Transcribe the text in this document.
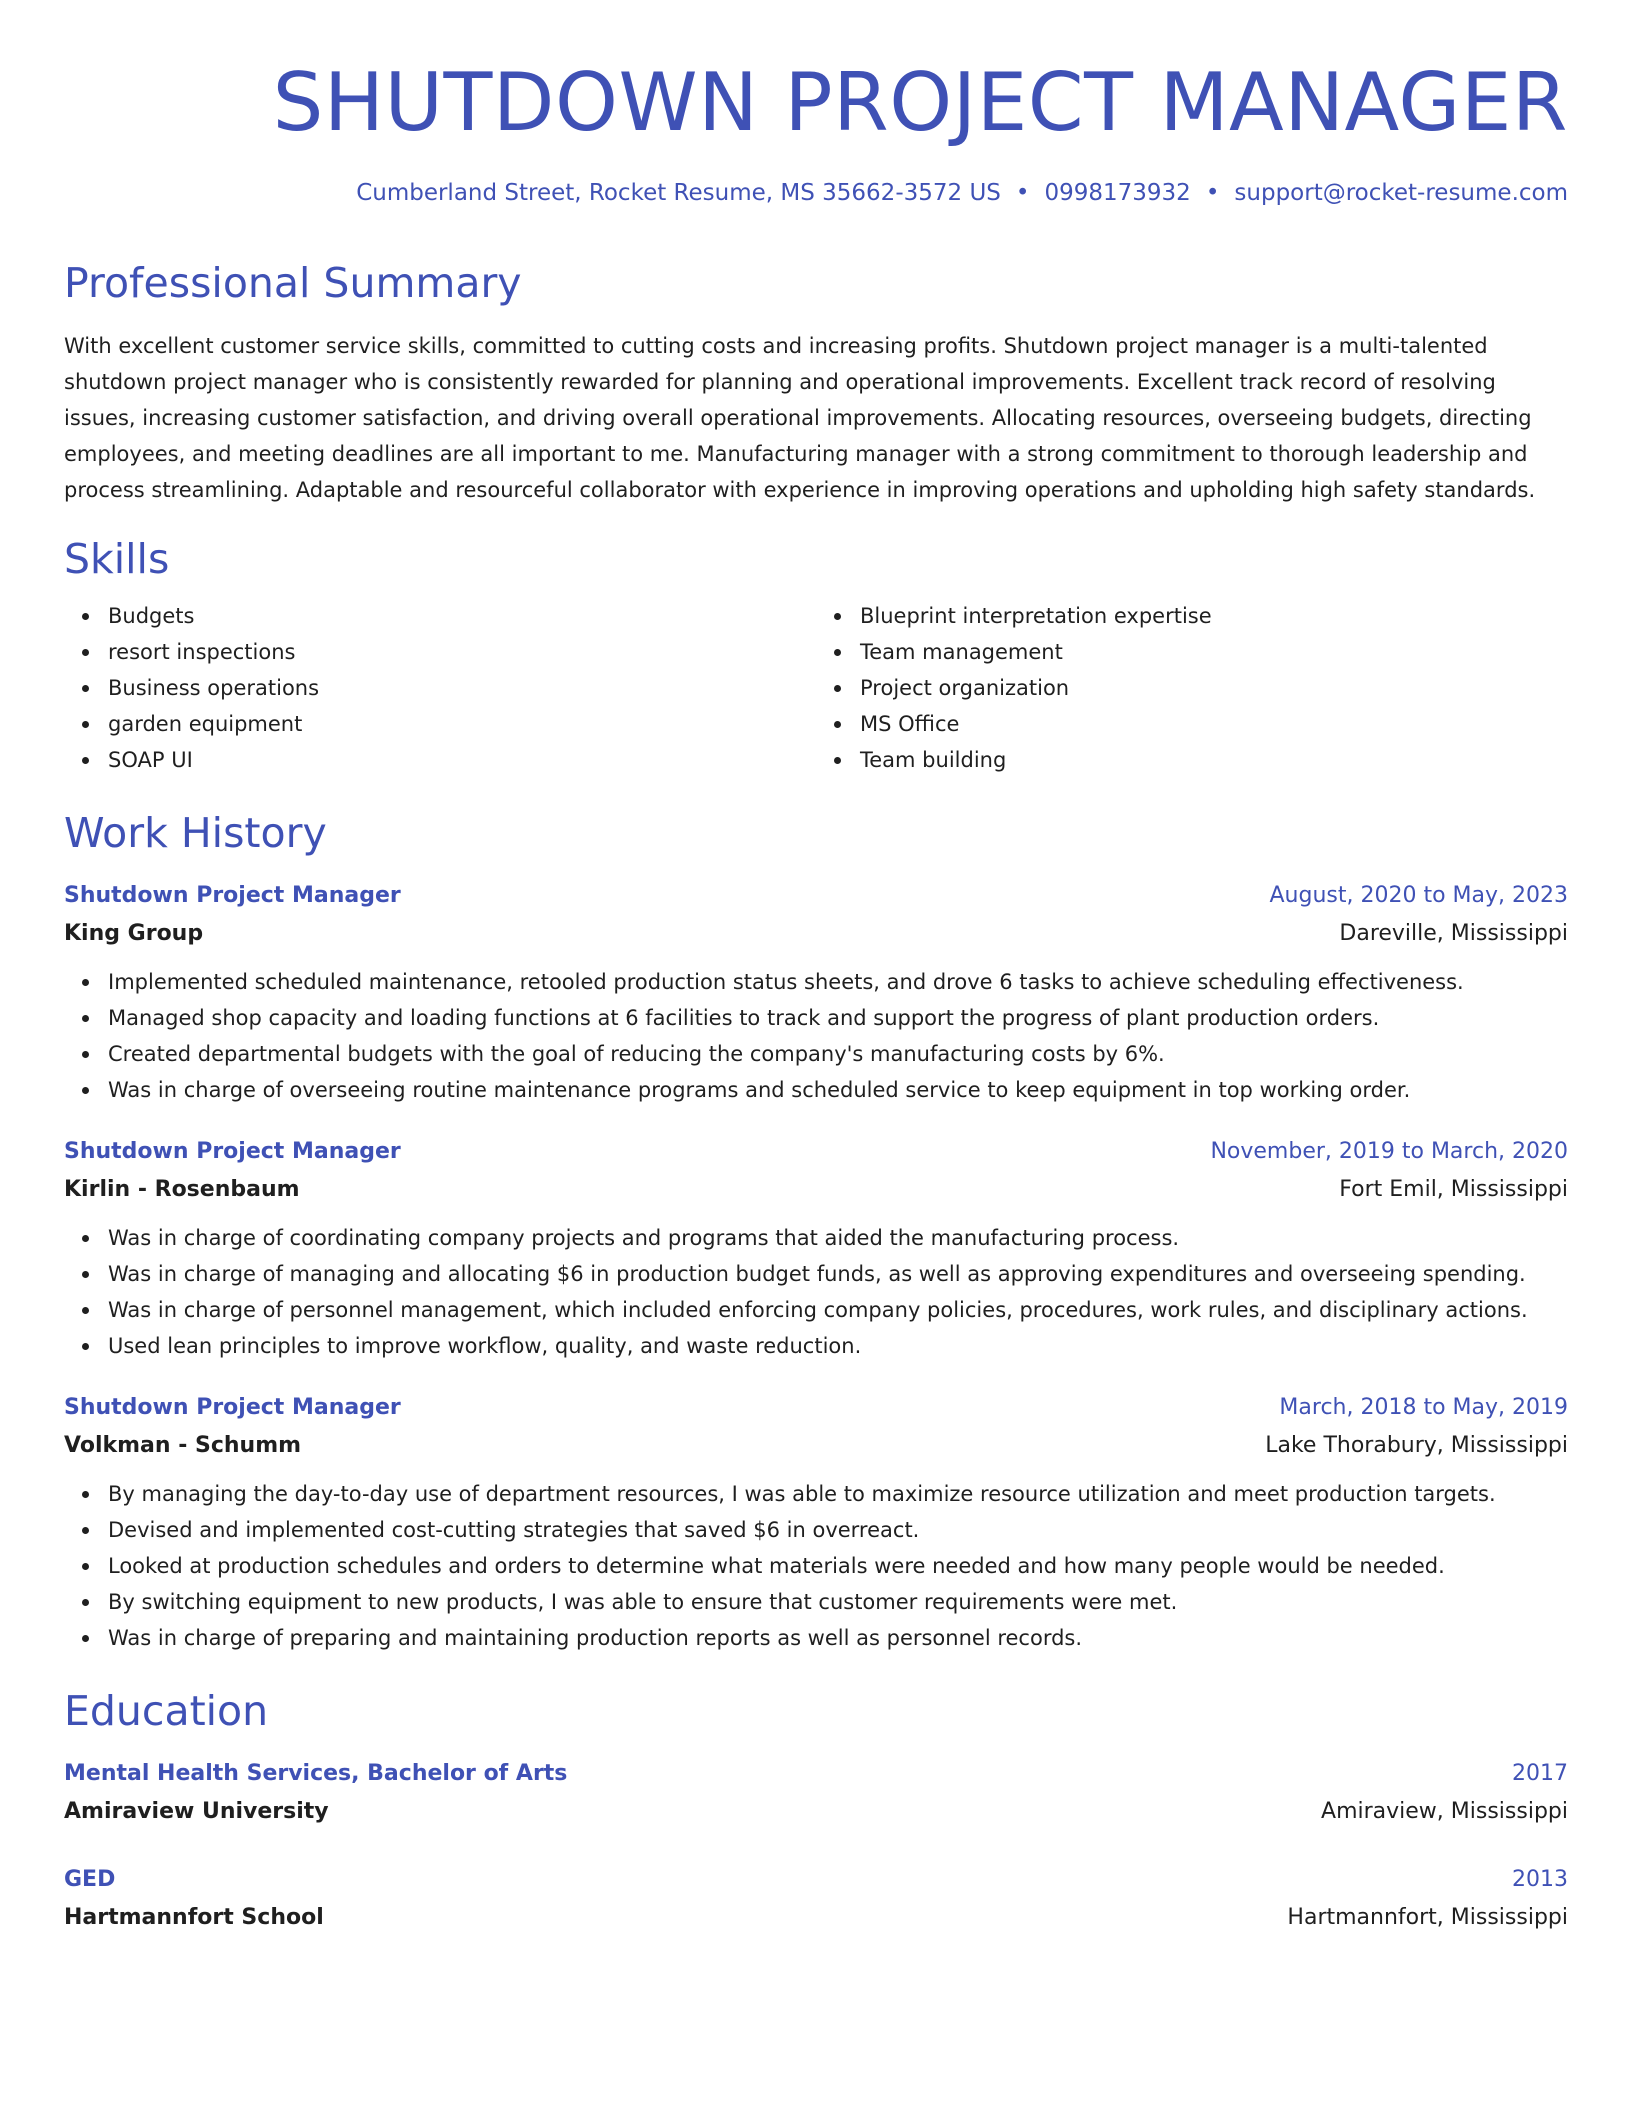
SHUTDOWN PROJECT MANAGER
Cumberland Street, Rocket Resume, MS 35662-3572 US • 0998173932 • support@rocket-resume.com
Professional Summary
With excellent customer service skills, committed to cutting costs and increasing profits. Shutdown project manager is a multi-talented shutdown project manager who is consistently rewarded for planning and operational improvements. Excellent track record of resolving issues, increasing customer satisfaction, and driving overall operational improvements. Allocating resources, overseeing budgets, directing employees, and meeting deadlines are all important to me. Manufacturing manager with a strong commitment to thorough leadership and process streamlining. Adaptable and resourceful collaborator with experience in improving operations and upholding high safety standards.
Skills
Budgets
resort inspections
Business operations
garden equipment
SOAP UI
Blueprint interpretation expertise
Team management
Project organization
MS Office
Team building
Work History
Shutdown Project Manager	August, 2020 to May, 2023
King Group	Dareville, Mississippi
Implemented scheduled maintenance, retooled production status sheets, and drove 6 tasks to achieve scheduling effectiveness.
Managed shop capacity and loading functions at 6 facilities to track and support the progress of plant production orders.
Created departmental budgets with the goal of reducing the company's manufacturing costs by 6%.
Was in charge of overseeing routine maintenance programs and scheduled service to keep equipment in top working order.
Shutdown Project Manager	November, 2019 to March, 2020
Kirlin - Rosenbaum	Fort Emil, Mississippi
Was in charge of coordinating company projects and programs that aided the manufacturing process.
Was in charge of managing and allocating $6 in production budget funds, as well as approving expenditures and overseeing spending.
Was in charge of personnel management, which included enforcing company policies, procedures, work rules, and disciplinary actions.
Used lean principles to improve workflow, quality, and waste reduction.
Shutdown Project Manager	March, 2018 to May, 2019
Volkman - Schumm	Lake Thorabury, Mississippi
By managing the day-to-day use of department resources, I was able to maximize resource utilization and meet production targets.
Devised and implemented cost-cutting strategies that saved $6 in overreact.
Looked at production schedules and orders to determine what materials were needed and how many people would be needed.
By switching equipment to new products, I was able to ensure that customer requirements were met.
Was in charge of preparing and maintaining production reports as well as personnel records.
Education
Mental Health Services, Bachelor of Arts	2017
Amiraview University	Amiraview, Mississippi
GED	2013
Hartmannfort School	Hartmannfort, Mississippi
